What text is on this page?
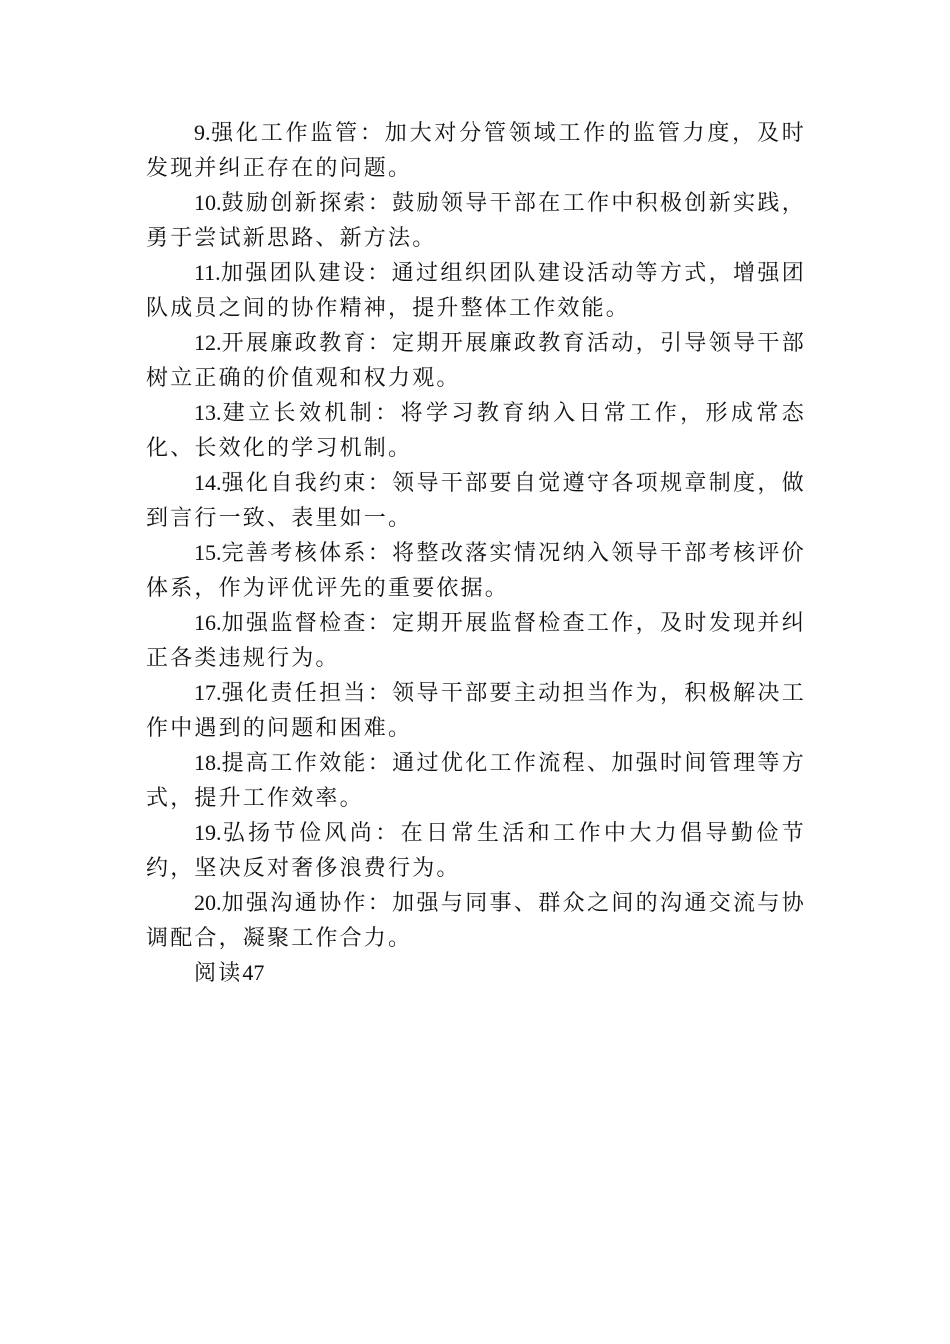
9.强化工作监管：加大对分管领域工作的监管力度，及时发现并纠正存在的问题。

10.鼓励创新探索：鼓励领导干部在工作中积极创新实践，勇于尝试新思路、新方法。

11.加强团队建设：通过组织团队建设活动等方式，增强团队成员之间的协作精神，提升整体工作效能。

12.开展廉政教育：定期开展廉政教育活动，引导领导干部树立正确的价值观和权力观。

13.建立长效机制：将学习教育纳入日常工作，形成常态化、长效化的学习机制。

14.强化自我约束：领导干部要自觉遵守各项规章制度，做到言行一致、表里如一。

15.完善考核体系：将整改落实情况纳入领导干部考核评价体系，作为评优评先的重要依据。

16.加强监督检查：定期开展监督检查工作，及时发现并纠正各类违规行为。

17.强化责任担当：领导干部要主动担当作为，积极解决工作中遇到的问题和困难。

18.提高工作效能：通过优化工作流程、加强时间管理等方式，提升工作效率。

19.弘扬节俭风尚：在日常生活和工作中大力倡导勤俭节约，坚决反对奢侈浪费行为。

20.加强沟通协作：加强与同事、群众之间的沟通交流与协调配合，凝聚工作合力。

阅读47
